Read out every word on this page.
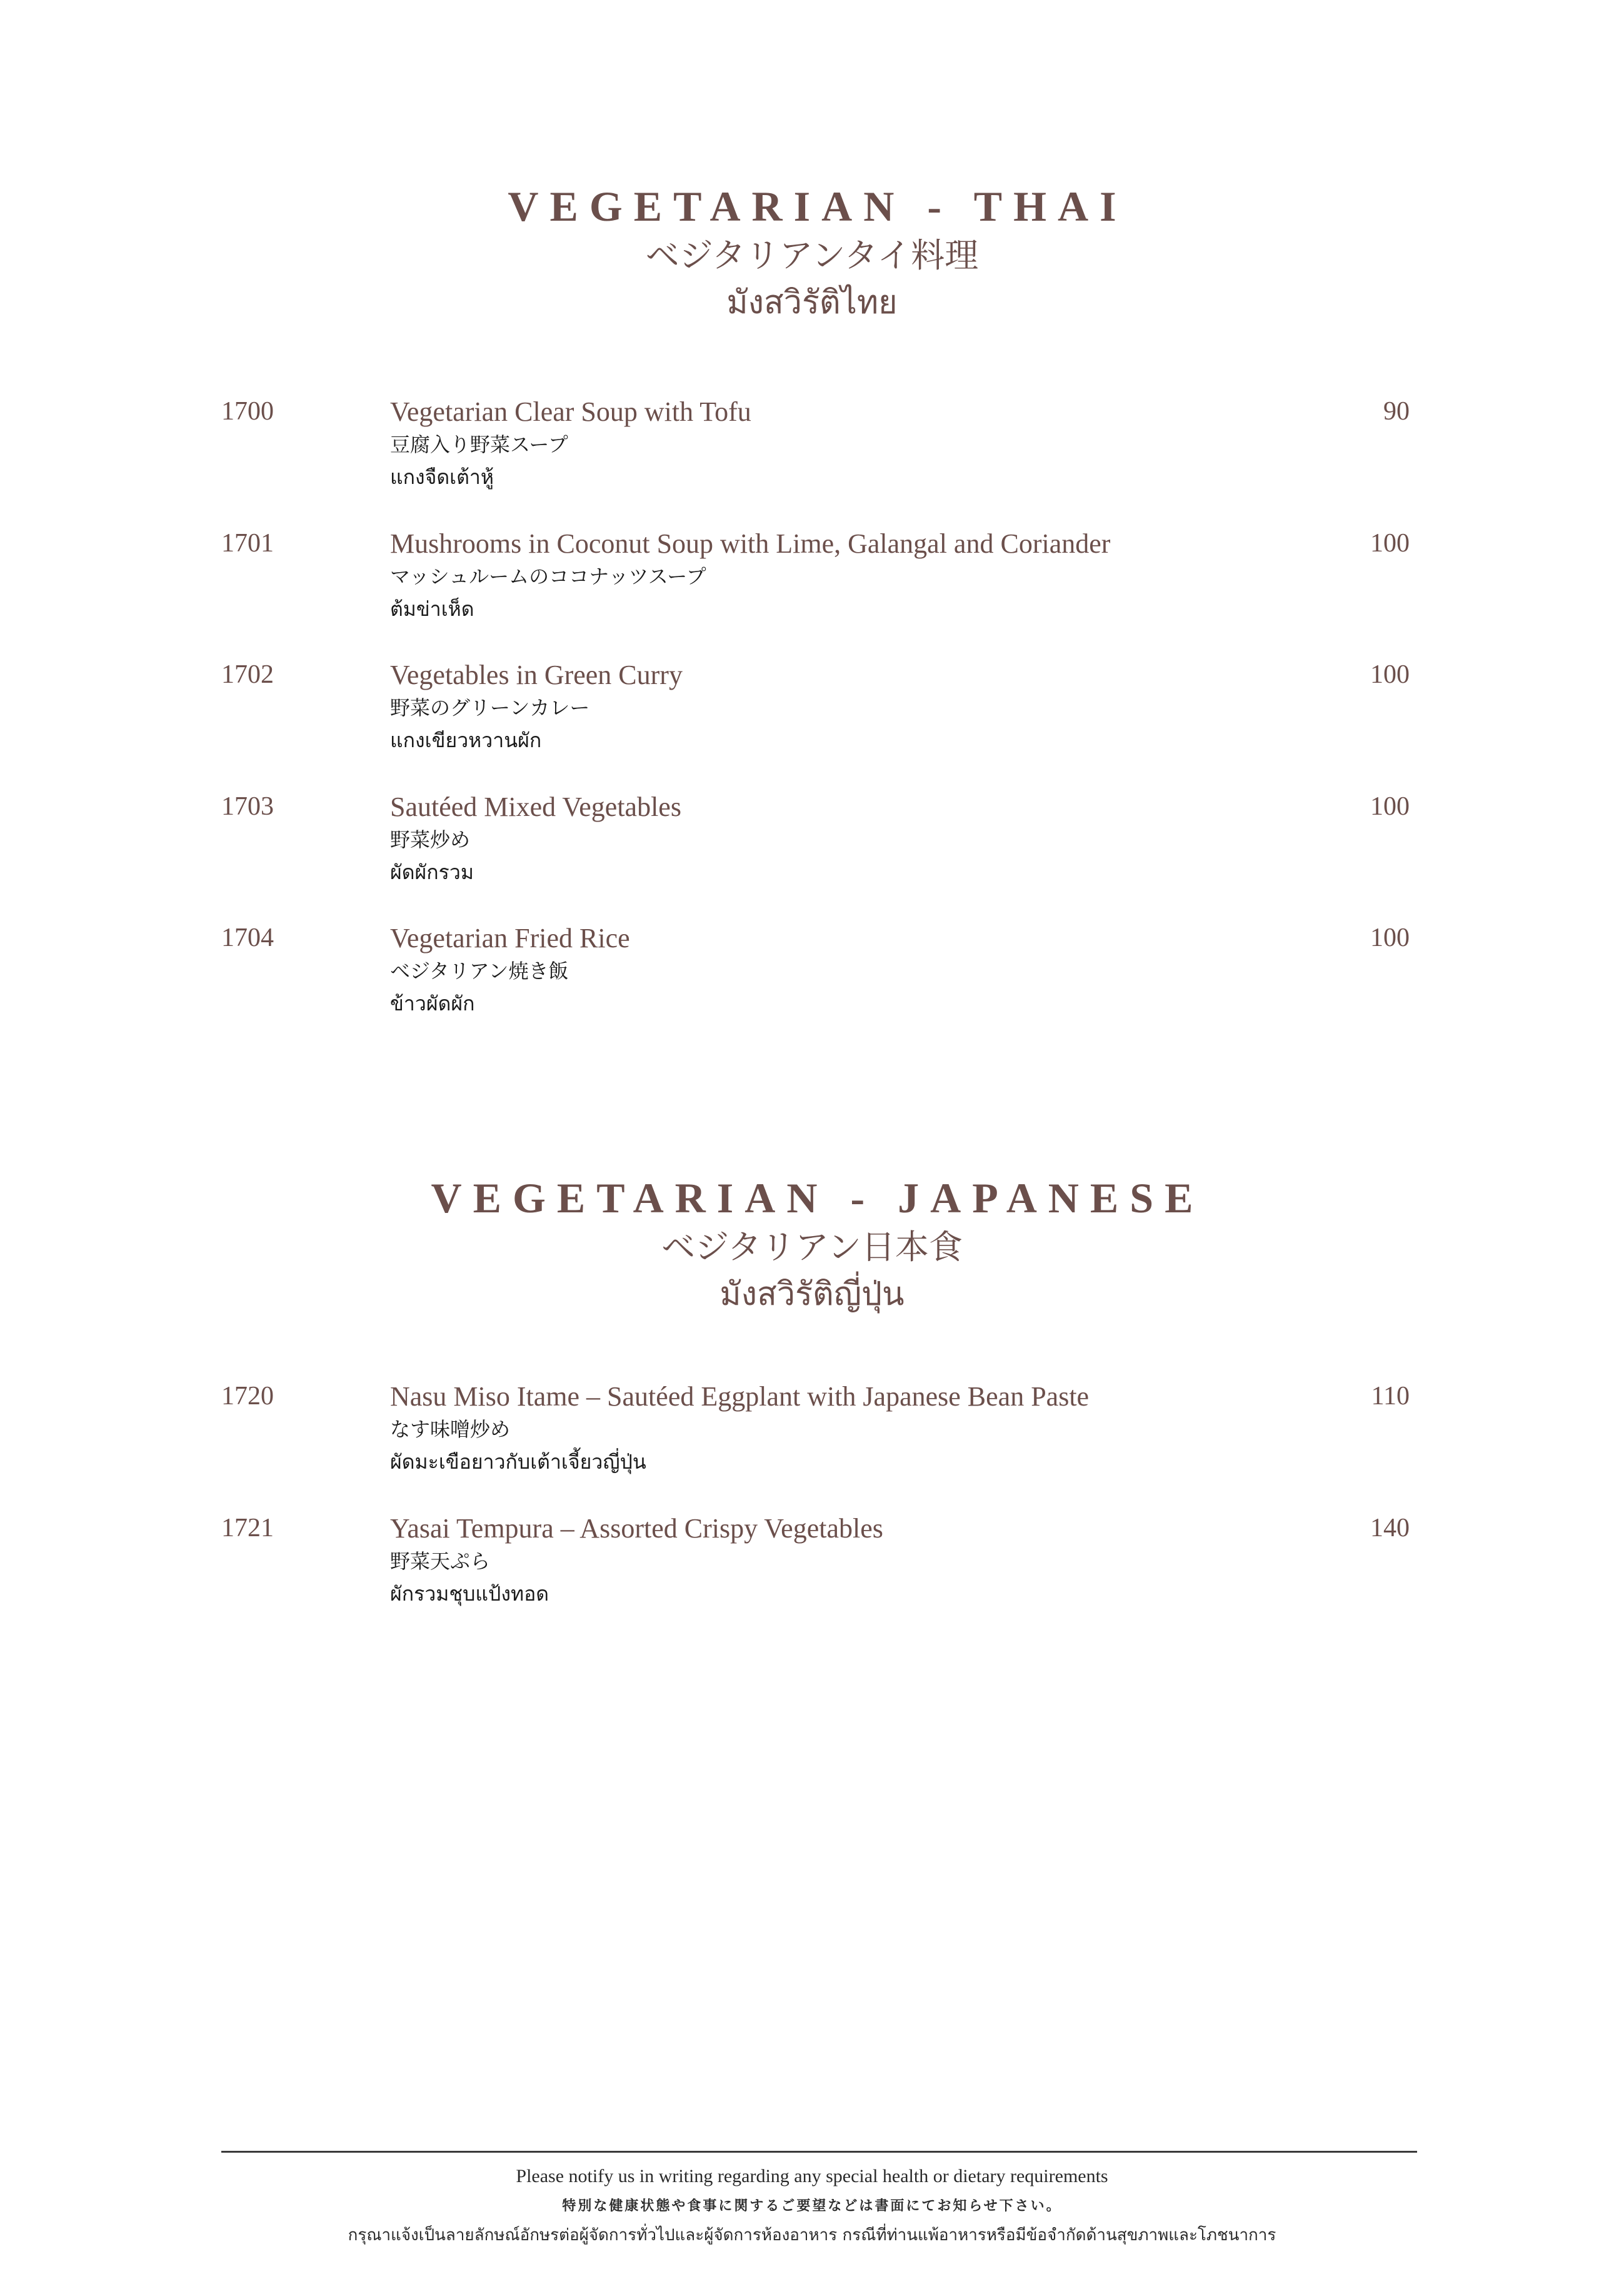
VEGETARIAN - THAI
ベジタリアンタイ料理
มังสวิรัติไทย
1700	Vegetarian Clear Soup with Tofu	90
豆腐入り野菜スープ
แกงจืดเต้าหู้
1701	Mushrooms in Coconut Soup with Lime, Galangal and Coriander	100
マッシュルームのココナッツスープ
ต้มข่าเห็ด
1702	Vegetables in Green Curry	100
野菜のグリーンカレー
แกงเขียวหวานผัก
1703	Sautéed Mixed Vegetables	100
野菜炒め
ผัดผักรวม
1704	Vegetarian Fried Rice	100
ベジタリアン焼き飯
ข้าวผัดผัก
VEGETARIAN - JAPANESE
ベジタリアン日本食
มังสวิรัติญี่ปุ่น
1720	Nasu Miso Itame – Sautéed Eggplant with Japanese Bean Paste	110
なす味噌炒め
ผัดมะเขือยาวกับเต้าเจี้ยวญี่ปุ่น
1721	Yasai Tempura – Assorted Crispy Vegetables	140
野菜天ぷら
ผักรวมชุบแป้งทอด
Please notify us in writing regarding any special health or dietary requirements
特別な健康状態や食事に関するご要望などは書面にてお知らせ下さい。
กรุณาแจ้งเป็นลายลักษณ์อักษรต่อผู้จัดการทั่วไปและผู้จัดการห้องอาหาร กรณีที่ท่านแพ้อาหารหรือมีข้อจำกัดด้านสุขภาพและโภชนาการ
